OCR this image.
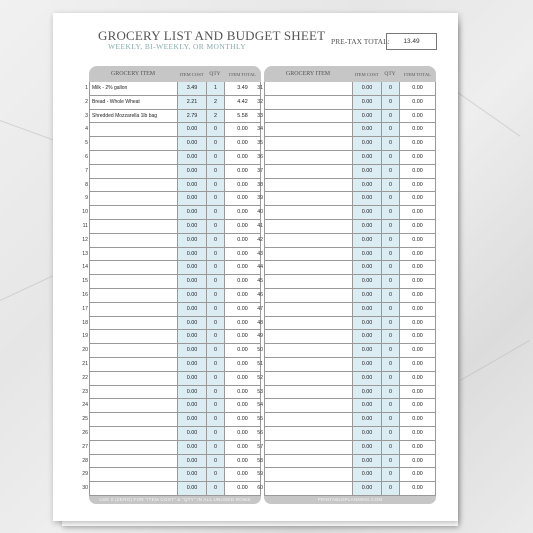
GROCERY LIST AND BUDGET SHEET
WEEKLY, BI-WEEKLY, OR MONTHLY
PRE-TAX TOTAL:	13.49
GROCERY ITEM	ITEM COST	QTY	ITEM TOTAL
1 Milk - 2% gallon	3.49	1	3.49
2 Bread - Whole Wheat	2.21	2	4.42
3 Shredded Mozzarella 1lb bag	2.79	2	5.58
4	0.00	0	0.00
5	0.00	0	0.00
6	0.00	0	0.00
7	0.00	0	0.00
8	0.00	0	0.00
9	0.00	0	0.00
10	0.00	0	0.00
11	0.00	0	0.00
12	0.00	0	0.00
13	0.00	0	0.00
14	0.00	0	0.00
15	0.00	0	0.00
16	0.00	0	0.00
17	0.00	0	0.00
18	0.00	0	0.00
19	0.00	0	0.00
20	0.00	0	0.00
21	0.00	0	0.00
22	0.00	0	0.00
23	0.00	0	0.00
24	0.00	0	0.00
25	0.00	0	0.00
26	0.00	0	0.00
27	0.00	0	0.00
28	0.00	0	0.00
29	0.00	0	0.00
30	0.00	0	0.00
USE 0 (ZERO) FOR "ITEM COST" & "QTY" IN ALL UNUSED ROWS
GROCERY ITEM	ITEM COST	QTY	ITEM TOTAL
31	0.00	0	0.00
32	0.00	0	0.00
33	0.00	0	0.00
34	0.00	0	0.00
35	0.00	0	0.00
36	0.00	0	0.00
37	0.00	0	0.00
38	0.00	0	0.00
39	0.00	0	0.00
40	0.00	0	0.00
41	0.00	0	0.00
42	0.00	0	0.00
43	0.00	0	0.00
44	0.00	0	0.00
45	0.00	0	0.00
46	0.00	0	0.00
47	0.00	0	0.00
48	0.00	0	0.00
49	0.00	0	0.00
50	0.00	0	0.00
51	0.00	0	0.00
52	0.00	0	0.00
53	0.00	0	0.00
54	0.00	0	0.00
55	0.00	0	0.00
56	0.00	0	0.00
57	0.00	0	0.00
58	0.00	0	0.00
59	0.00	0	0.00
60	0.00	0	0.00
PRINTABLEPLANNING.COM
